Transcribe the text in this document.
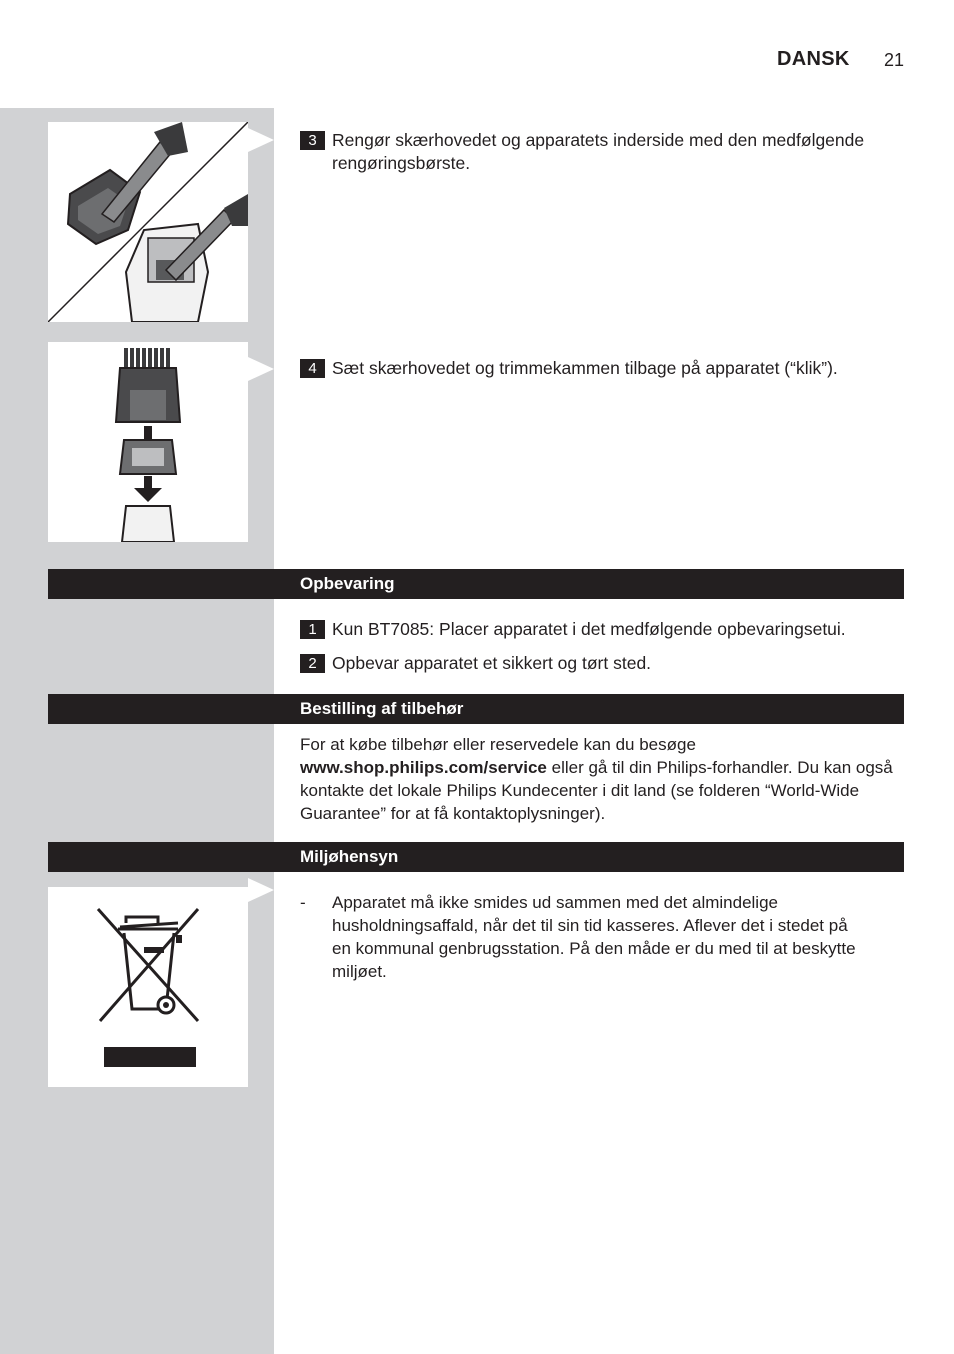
DANSK 21
3 Rengør skærhovedet og apparatets inderside med den medfølgende rengøringsbørste.
4 Sæt skærhovedet og trimmekammen tilbage på apparatet (“klik”).
Opbevaring
1 Kun BT7085: Placer apparatet i det medfølgende opbevaringsetui.
2 Opbevar apparatet et sikkert og tørt sted.
Bestilling af tilbehør
For at købe tilbehør eller reservedele kan du besøge www.shop.philips.com/service eller gå til din Philips-forhandler. Du kan også kontakte det lokale Philips Kundecenter i dit land (se folderen “World-Wide Guarantee” for at få kontaktoplysninger).
Miljøhensyn
- Apparatet må ikke smides ud sammen med det almindelige husholdningsaffald, når det til sin tid kasseres. Aflever det i stedet på en kommunal genbrugsstation. På den måde er du med til at beskytte miljøet.
